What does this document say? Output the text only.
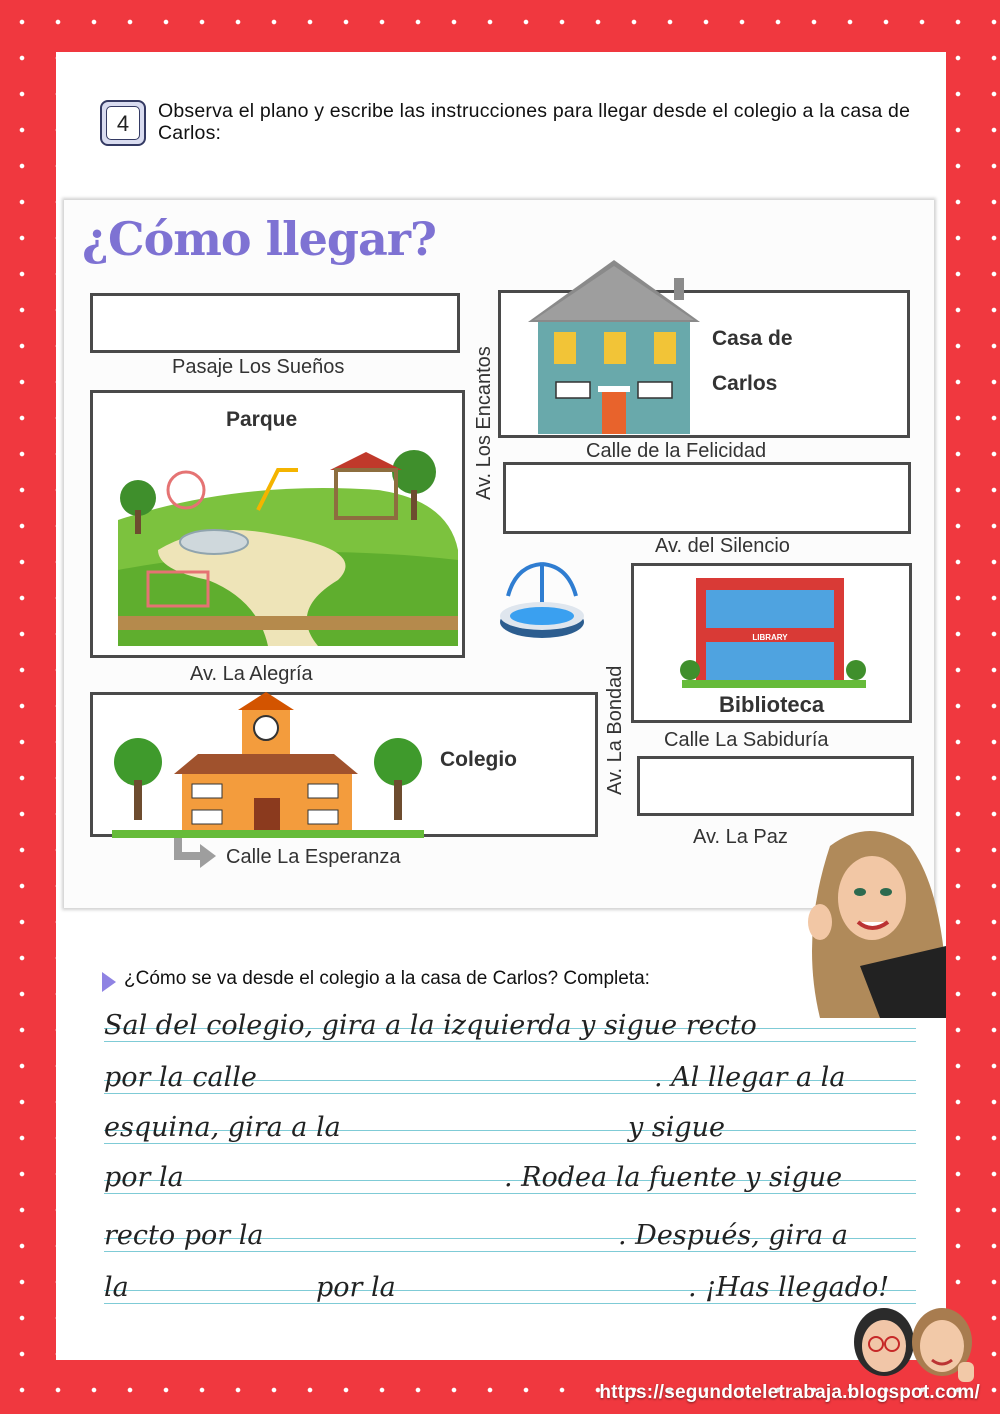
4	Observa el plano y escribe las instrucciones para llegar desde el colegio a la casa de Carlos:
¿Cómo llegar?
Pasaje Los Sueños	Av. Los Encantos	Calle de la Felicidad
Av. del Silencio
Av. La Alegría	Av. La Bondad Calle La Sabiduría
Av. La Paz
Calle La Esperanza
Parque
Casa de
Carlos
Biblioteca
Colegio
LIBRARY
¿Cómo se va desde el colegio a la casa de Carlos? Completa:
Sal del colegio, gira a la izquierda y sigue recto
por la calle	. Al llegar a la
esquina, gira a la	y sigue
por la	. Rodea la fuente y sigue
recto por la	. Después, gira a
la	por la	. ¡Has llegado!
https://segundoteletrabaja.blogspot.com/
